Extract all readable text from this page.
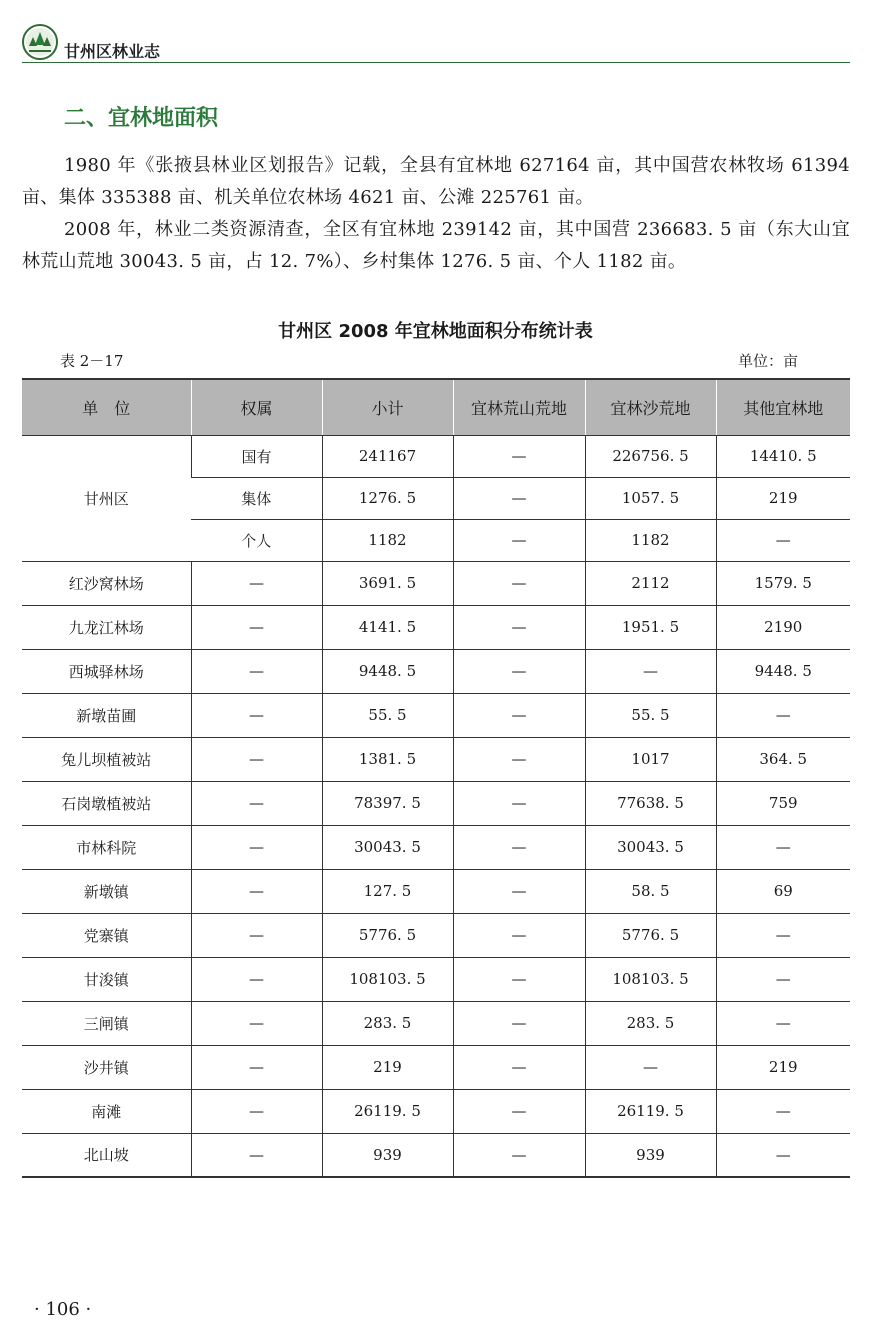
甘州区林业志
二、宜林地面积

1980 年《张掖县林业区划报告》记载，全县有宜林地 627164 亩，其中国营农林牧场 61394 亩、集体 335388 亩、机关单位农林场 4621 亩、公滩 225761 亩。

2008 年，林业二类资源清查，全区有宜林地 239142 亩，其中国营 236683. 5 亩（东大山宜林荒山荒地 30043. 5 亩，占 12. 7%）、乡村集体 1276. 5 亩、个人 1182 亩。

甘州区 2008 年宜林地面积分布统计表
表 2－17	单位：亩
单　位	权属	小计	宜林荒山荒地	宜林沙荒地	其他宜林地
甘州区	国有	241167	—	226756. 5	14410. 5
	集体	1276. 5	—	1057. 5	219
	个人	1182	—	1182	—
红沙窝林场	—	3691. 5	—	2112	1579. 5
九龙江林场	—	4141. 5	—	1951. 5	2190
西城驿林场	—	9448. 5	—	—	9448. 5
新墩苗圃	—	55. 5	—	55. 5	—
兔儿坝植被站	—	1381. 5	—	1017	364. 5
石岗墩植被站	—	78397. 5	—	77638. 5	759
市林科院	—	30043. 5	—	30043. 5	—
新墩镇	—	127. 5	—	58. 5	69
党寨镇	—	5776. 5	—	5776. 5	—
甘浚镇	—	108103. 5	—	108103. 5	—
三闸镇	—	283. 5	—	283. 5	—
沙井镇	—	219	—	—	219
南滩	—	26119. 5	—	26119. 5	—
北山坡	—	939	—	939	—
· 106 ·
